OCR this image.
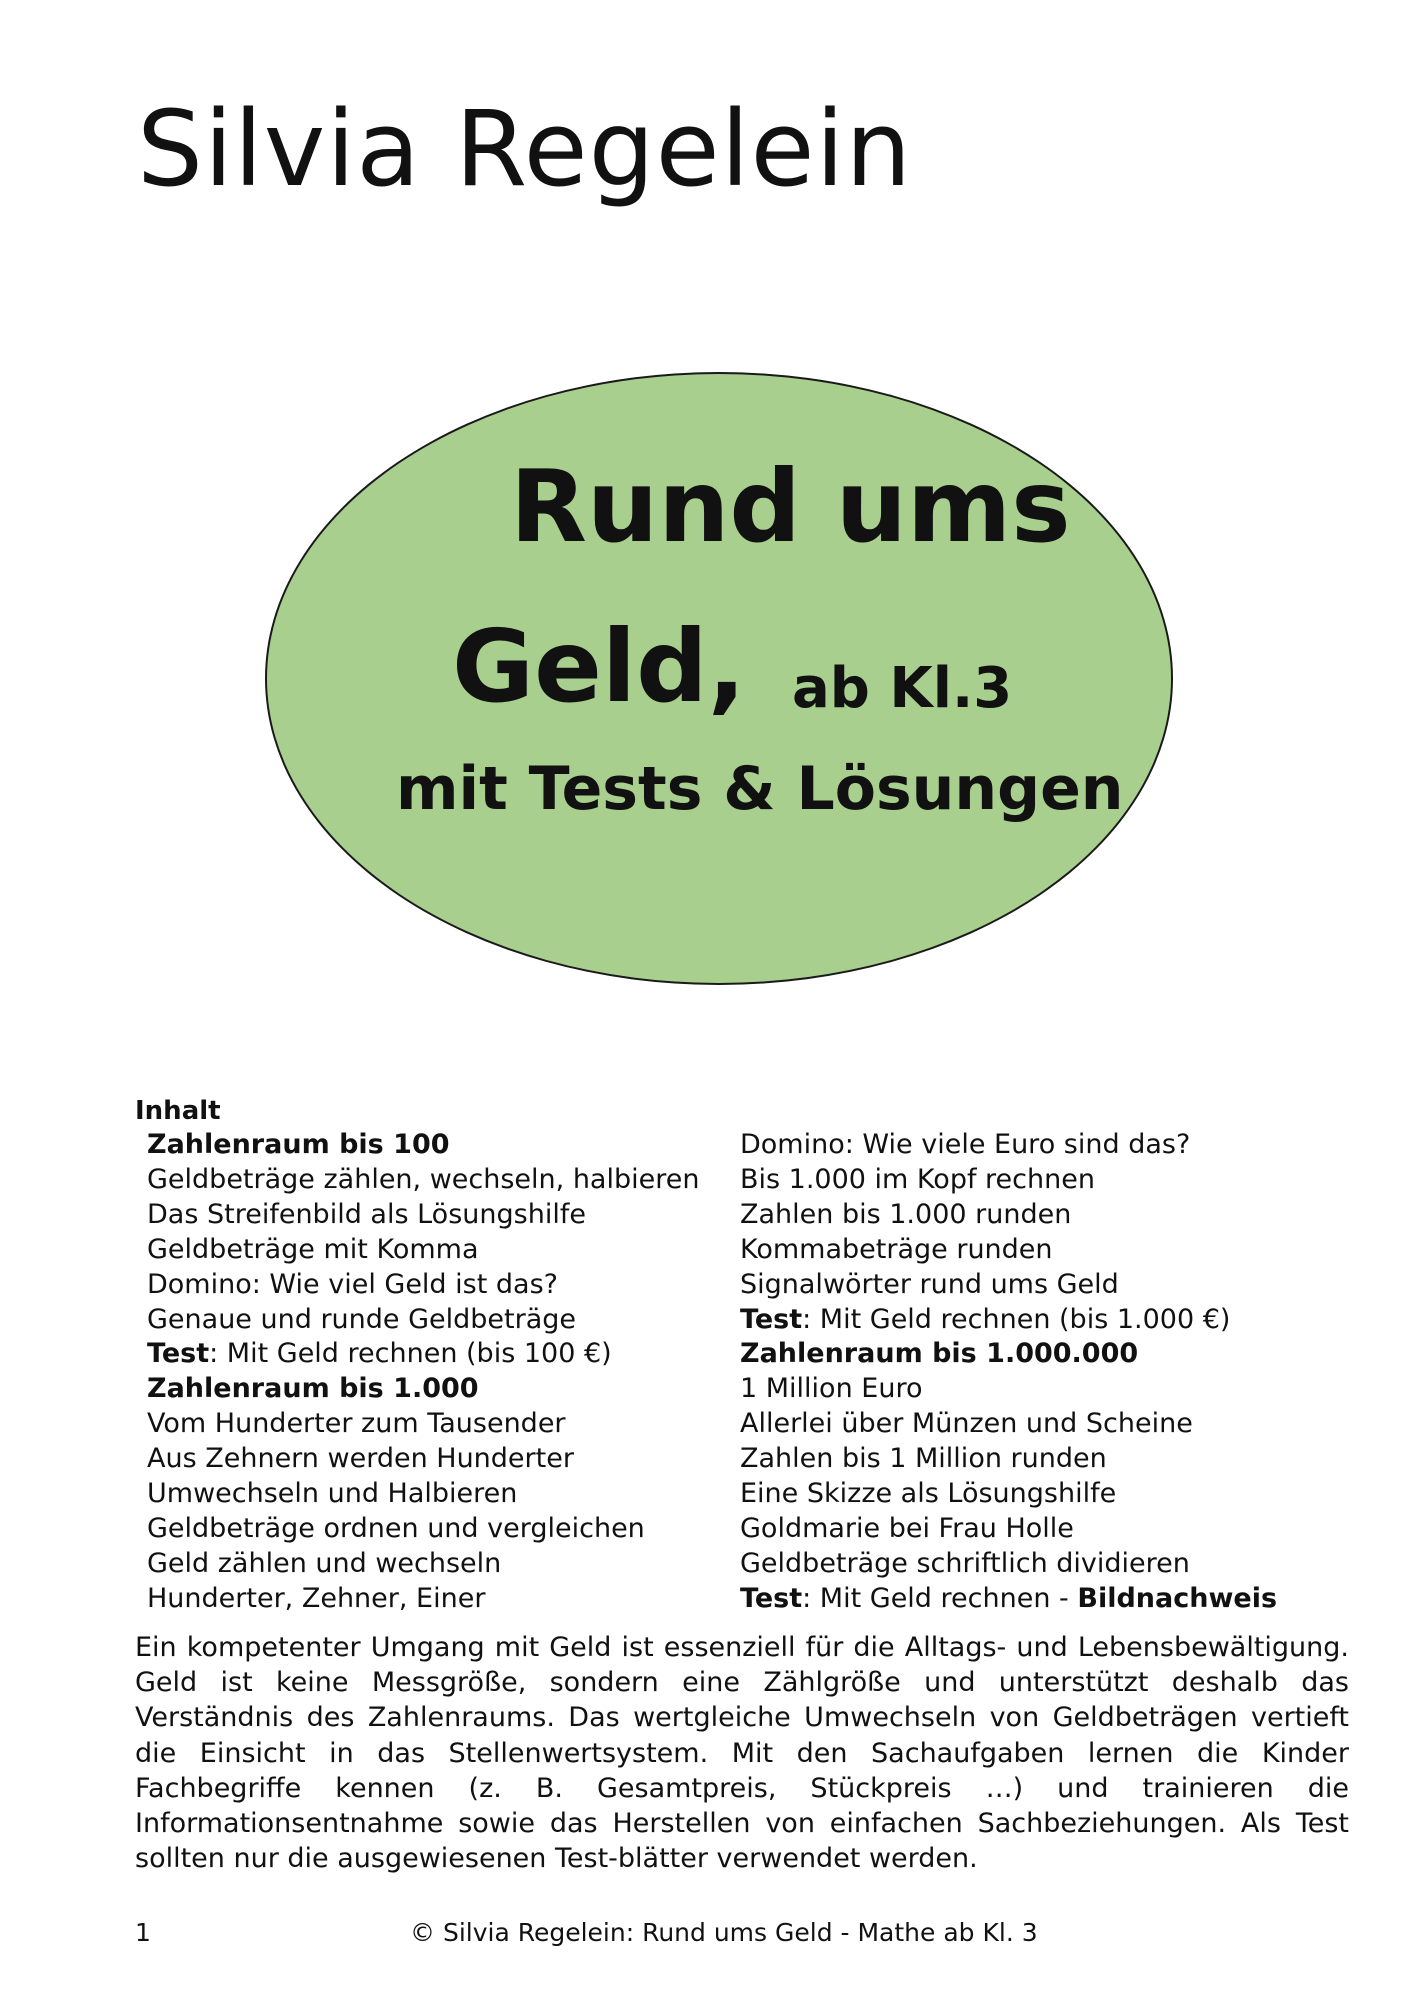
Silvia Regelein
Rund ums
Geld, ab Kl.3
mit Tests & Lösungen
Inhalt
Zahlenraum bis 100
Geldbeträge zählen, wechseln, halbieren
Das Streifenbild als Lösungshilfe
Geldbeträge mit Komma
Domino: Wie viel Geld ist das?
Genaue und runde Geldbeträge
Test: Mit Geld rechnen (bis 100 €)
Zahlenraum bis 1.000
Vom Hunderter zum Tausender
Aus Zehnern werden Hunderter
Umwechseln und Halbieren
Geldbeträge ordnen und vergleichen
Geld zählen und wechseln
Hunderter, Zehner, Einer
Domino: Wie viele Euro sind das?
Bis 1.000 im Kopf rechnen
Zahlen bis 1.000 runden
Kommabeträge runden
Signalwörter rund ums Geld
Test: Mit Geld rechnen (bis 1.000 €)
Zahlenraum bis 1.000.000
1 Million Euro
Allerlei über Münzen und Scheine
Zahlen bis 1 Million runden
Eine Skizze als Lösungshilfe
Goldmarie bei Frau Holle
Geldbeträge schriftlich dividieren
Test: Mit Geld rechnen - Bildnachweis

Ein kompetenter Umgang mit Geld ist essenziell für die Alltags- und Lebensbewältigung. Geld ist keine Messgröße, sondern eine Zählgröße und unterstützt deshalb das Verständnis des Zahlenraums. Das wertgleiche Umwechseln von Geldbeträgen vertieft die Einsicht in das Stellenwertsystem. Mit den Sachaufgaben lernen die Kinder Fachbegriffe kennen (z. B. Gesamtpreis, Stückpreis …) und trainieren die Informationsentnahme sowie das Herstellen von einfachen Sachbeziehungen. Als Test sollten nur die ausgewiesenen Test-blätter verwendet werden.

1	© Silvia Regelein: Rund ums Geld - Mathe ab Kl. 3
